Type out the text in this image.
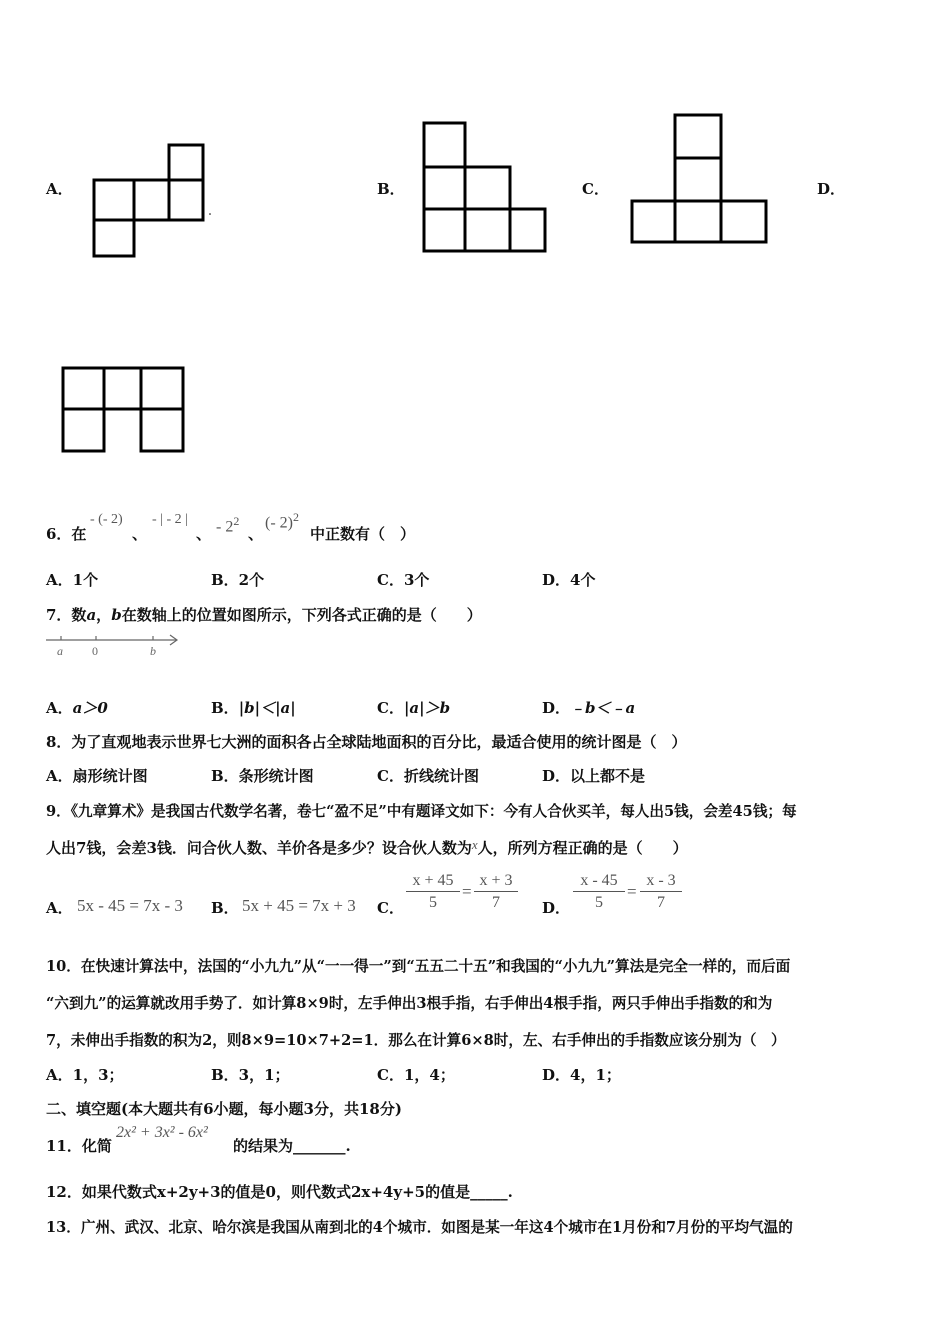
A．	B．	C．	D．
6．在
- (- 2)
、
- | - 2 |
、 - $2^2$
、
(- 2)$^2$
中正数有（　）
A．1个	B．2个	C．3个	D．4个
7．数a，b在数轴上的位置如图所示，下列各式正确的是（　　）
a 0	b
A．a＞0	B．|b|＜|a|	C．|a|＞b	D．﹣b＜﹣a
8．为了直观地表示世界七大洲的面积各占全球陆地面积的百分比，最适合使用的统计图是（　）
A．扇形统计图	B．条形统计图	C．折线统计图	D．以上都不是
9．《九章算术》是我国古代数学名著，卷七“盈不足”中有题译文如下：今有人合伙买羊，每人出5钱，会差45钱；每
人出7钱，会差3钱．问合伙人数、羊价各是多少？设合伙人数为x人，所列方程正确的是（　　）
A． 5x - 45 = 7x - 3 B． 5x + 45 = 7x + 3 C． $\frac{x + 45}{5} = \frac{x + 3}{7}$ D． $\frac{x - 45}{5} = \frac{x - 3}{7}$
10．在快速计算法中，法国的“小九九”从“一一得一”到“五五二十五”和我国的“小九九”算法是完全一样的，而后面
“六到九”的运算就改用手势了．如计算8×9时，左手伸出3根手指，右手伸出4根手指，两只手伸出手指数的和为
7，未伸出手指数的积为2，则8×9=10×7+2=1．那么在计算6×8时，左、右手伸出的手指数应该分别为（　）
A．1，3；	B．3，1；	C．1，4；	D．4，1；
二、填空题(本大题共有6小题，每小题3分，共18分)
11．化简
2x² + 3x² - 6x²
的结果为_______.
12．如果代数式x+2y+3的值是0，则代数式2x+4y+5的值是_____.
13．广州、武汉、北京、哈尔滨是我国从南到北的4个城市．如图是某一年这4个城市在1月份和7月份的平均气温的
